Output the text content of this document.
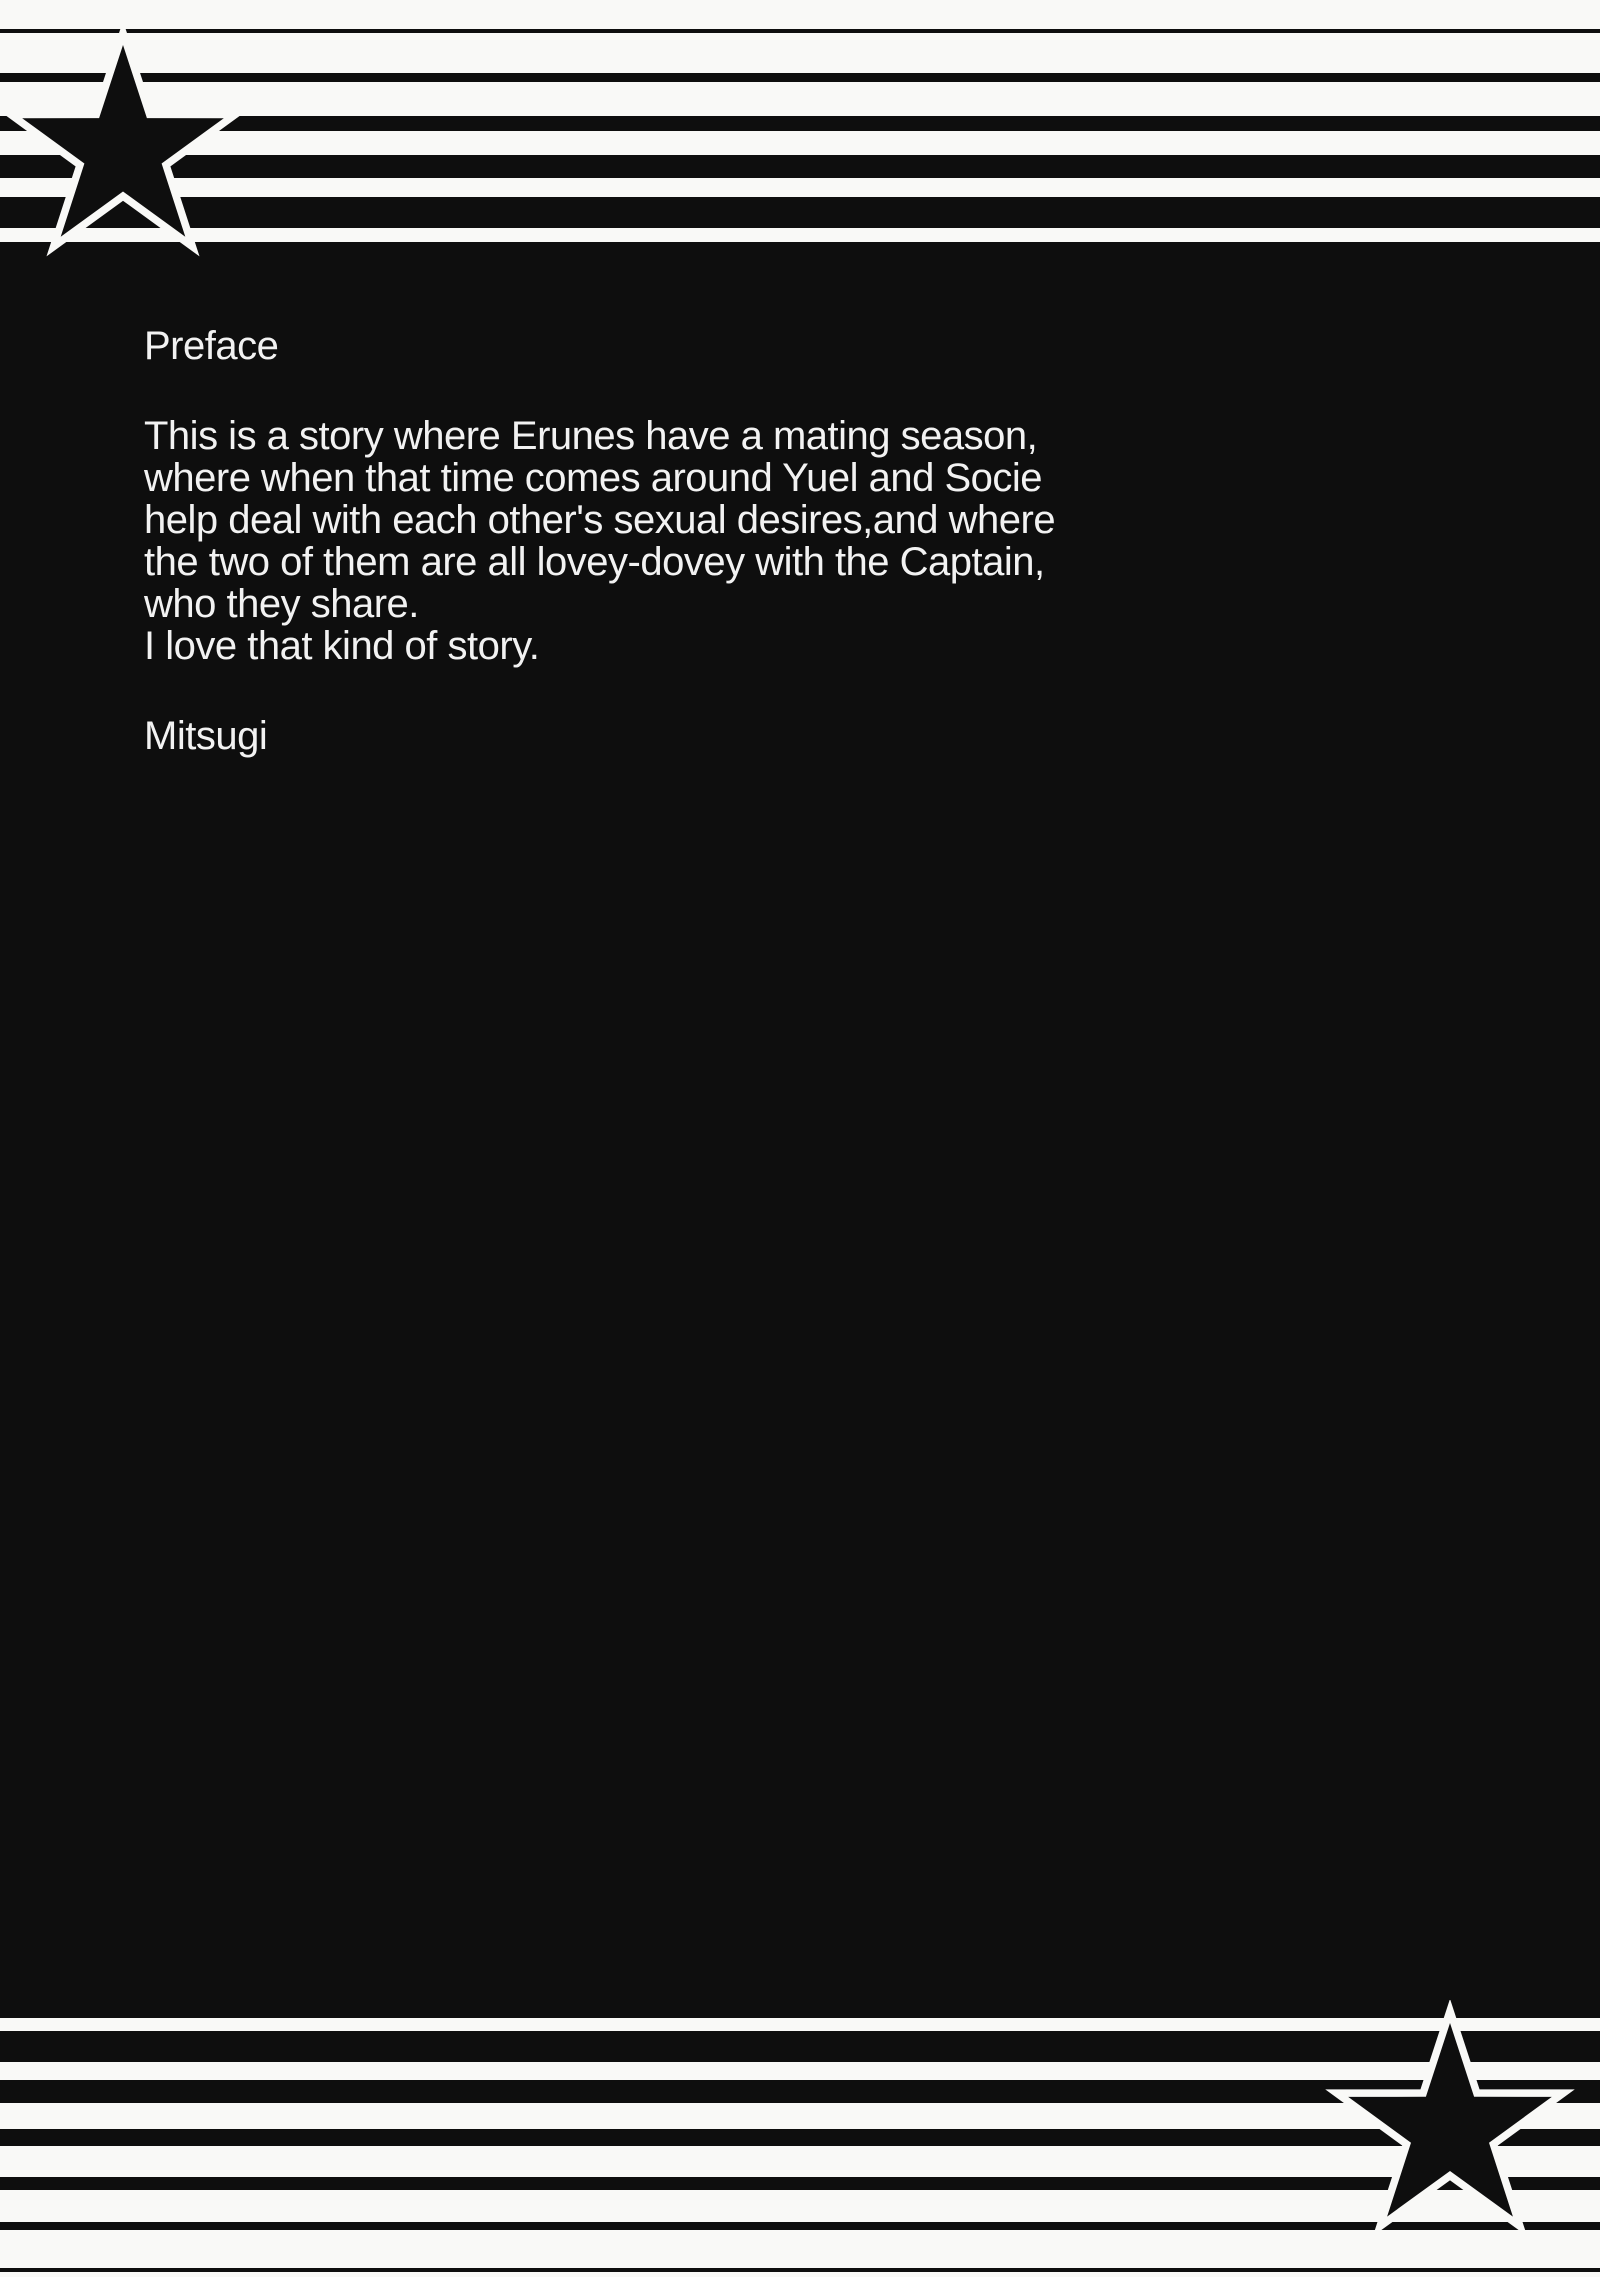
Preface
This is a story where Erunes have a mating season,
where when that time comes around Yuel and Socie
help deal with each other's sexual desires,and where
the two of them are all lovey-dovey with the Captain,
who they share.
I love that kind of story.
Mitsugi
